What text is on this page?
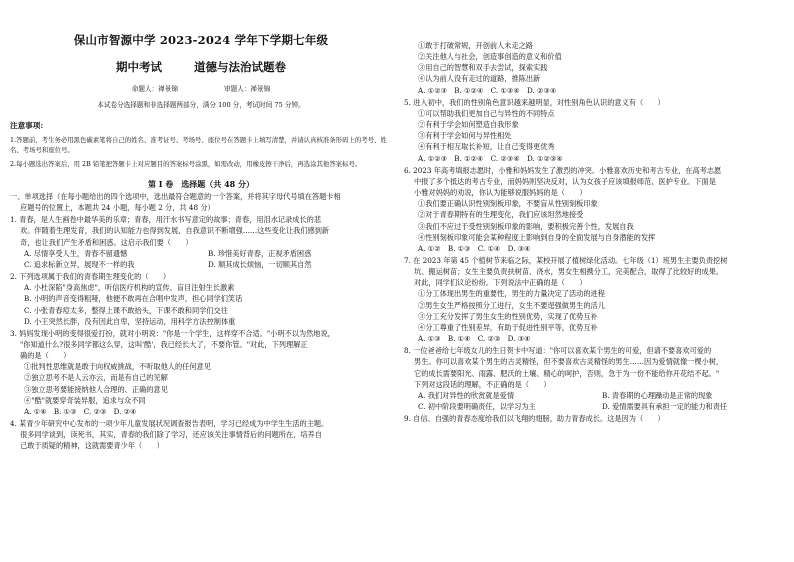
保山市智源中学 2023-2024 学年下学期七年级

期中考试	道德与法治试题卷

命题人：禅景锦	审题人：禅景锦

本试卷分选择题和非选择题两部分，满分 100 分，考试时间 75 分钟。

注意事项:

1.答题前，考生务必用黑色碳素笔将自己的姓名、准考证号、考场号、座位号在答题卡上填写清楚，并请认真核准条形码上的考号、姓名、考场号和座位号。

2.每小题选出答案后，用 2B 铅笔把答题卡上对应题目的答案标号涂黑，如需改动，用橡皮擦干净后，再选涂其他答案标号。

第 I 卷　选择题（共 48 分）

一、单项选择（在每小题给出的四个选项中，选出最符合题意的一个答案，并将其字母代号填在答题卡相

应题号的位置上，本题共 24 小题，每小题 2 分，共 48 分）

1. 青春，是人生画卷中最华美的乐章；青春，用汗水书写意定的故事；青春，用泪水记录成长的悲

欢。伴随着生理发育，我们的认知能力也得到发展，自我意识不断增强……这些变化让我们感到新

奇，也让我们产生矛盾和困惑。这启示我们要（　　）

A. 尽情享受人生，青春不留遗憾	B. 珍惜美好青春，正视矛盾困惑
C. 追求标新立异，展现不一样的我	D. 顺其成长烦恼，一切顺其自然

2. 下列选项属于我们的青春期生理变化的（　　）

A. 小杜深陷"身高焦虑"，听信医疗机构的宣传，盲目注射生长激素

B. 小明的声音变得粗哑，他便不敢再在合唱中发声，担心同学们笑话

C. 小张青春痘太多，整得上课不敢抬头，下课不敢和同学们交往

D. 小王突然长胖，没有因此自卑，坚持运动，用科学方法控制体重

3. 妈妈发现小明的变得很爱打扮，就对小明说："你是一个学生，这样穿不合适。"小明不以为然地说，

"你知道什么?很多同学都这么穿，这叫'酷'，我已经长大了，不要你管。"对此，下列理解正

确的是（　　）

①批判性思维就是敢于向权威挑战，不听取他人的任何意见

②独立思考不是人云亦云，而是有自己的见解

③独立思考要能接纳他人合理的、正确的意见

④"酷"就要穿奇装异服，追求与众不同

A. ①④　B. ①③　C. ②③　D. ②④

4. 某青少年研究中心发布的一项少年儿童发展状况调查报告表明，学习已经成为中学生生活的主题。

很多同学谈到，读死书，其实，青春的我们除了学习，还应该关注事情背后的问题所在，培养自

己敢于质疑的精神，这就需要青少年（　　）

①敢于打破常规，开创前人未走之路

②关注他人与社会，创造事创造的意义和价值

③用自己的智慧和双手去尝试，探索实践

④认为前人没有走过的道路，推陈出新

A. ①②③　B. ①②④　C. ①③④　D. ②③④

5. 进入初中，我们的性别角色意识越来越明显，对性别角色认识的意义有（　　）

①可以帮助我们更加自己与异性的不同特点

②有利于学会如何塑造自我形象

③有利于学会如何与异性相处

④有利于相互取长补短，让自己变得更优秀

A. ①②③　B. ①②④　C. ②③④　D. ①②③④

6. 2023 年高考填报志愿时，小雅和妈妈发生了激烈的冲突。小雅喜欢历史和考古专业，在高考志愿

中报了多个抵达的考古专业，而妈妈则坚决反对，认为女孩子应该填报师范、医护专业。下面是

小雅对妈妈的劝说，你认为能够说服妈妈的是（　　）

①我们要正确认识性别刻板印象，不要盲从性别刻板印象

②对于青春期特有的生理变化，我们应该坦然地接受

③我们不应过于受性别刻板印象的影响，要积极完善个性，发展自我

④性别刻板印象可能会某种程度上影响到自身的全面发展与自身潜能的发挥

A. ①②　B. ①③　C. ①④　D. ③④

7. 在 2023 年第 45 个植树节来临之际，某校开展了植树绿化活动。七年级（1）班男生主要负责挖树

坑、搬运树苗；女生主要负责扶树苗、浇水，男女生相携分工，完美配合，取得了比较好的成果。

对此，同学们议论纷纷。下列说法中正确的是（　　）

①分工体现出男生的重要性，男生的力量决定了活动的进程

②男生女生严格按照分工进行，女生不要逞强做男生的活儿

③分工充分发挥了男生女生的性别优势，实现了优势互补

④分工尊重了性别差异，有助于促进性别平等，优势互补

A. ①③　B. ①④　C. ②③　D. ③④

8. 一位爸爸给七年级女儿的生日贺卡中写道："你可以喜欢某个男生的可爱，但请不要喜欢可爱的

男生。你可以喜欢某个男生的古灵精怪，但不要喜欢古灵精怪的男生……因为爱情就像一棵小树，

它的成长需要阳光、雨露、肥沃的土壤、精心的呵护，否则，急于为一份不能给你开花结不起。"

下列对这段话的理解，不正确的是（　　）

A. 我们对异性的欣赏就是爱情	B. 青春期的心理躁动是正常的现象
C. 初中阶段要明确责任，以学习为主	D. 爱情需要具有承担一定的能力和责任

9. 自信、自强的青春态度给我们以飞翔的翅膀，助力青春成长。这是因为（　　）
